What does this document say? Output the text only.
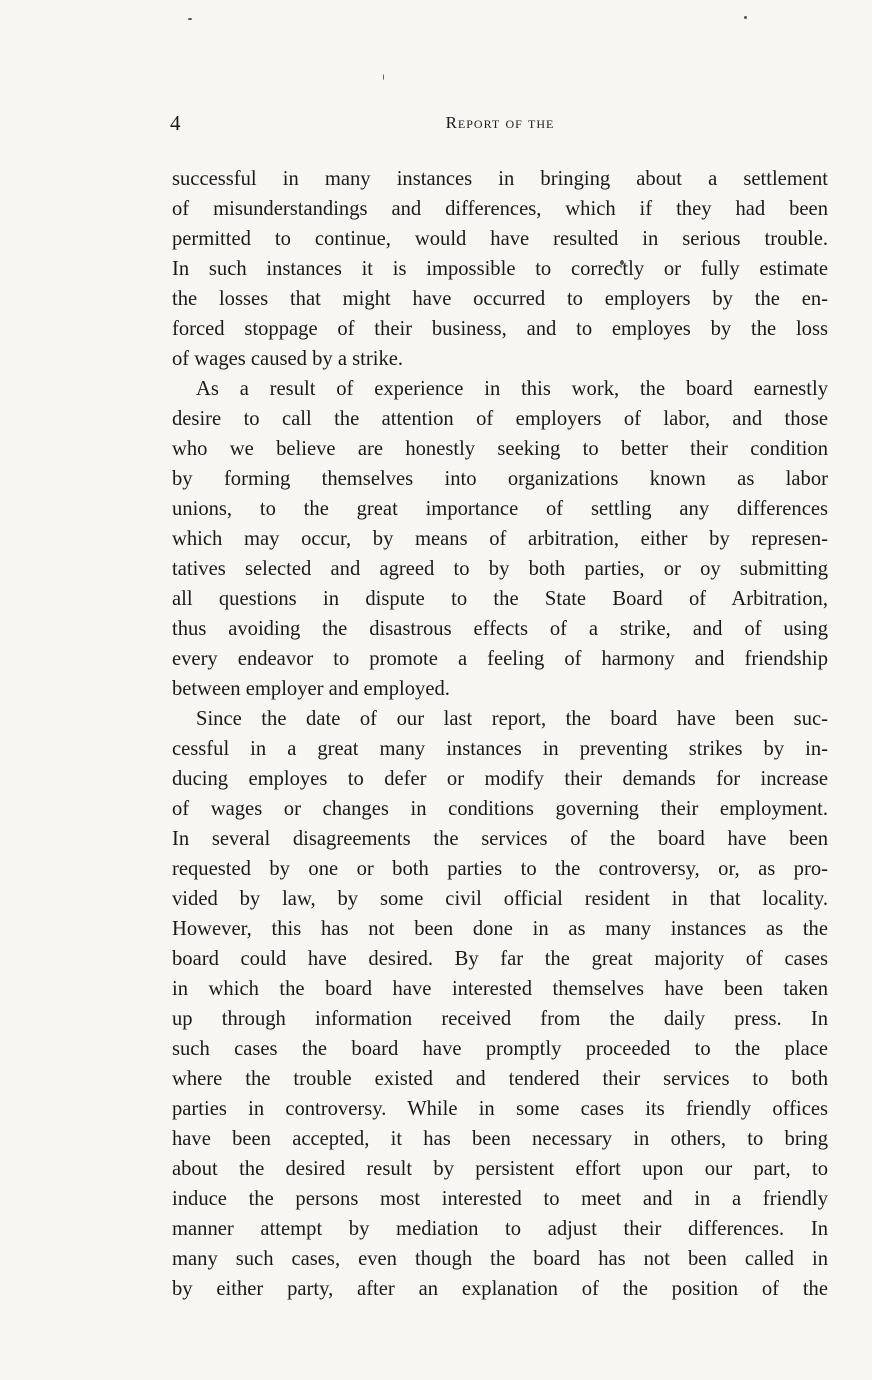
4	Report of the
successful in many instances in bringing about a settlement
of misunderstandings and differences, which if they had been
permitted to continue, would have resulted in serious trouble.
In such instances it is impossible to correctly or fully estimate
the losses that might have occurred to employers by the en-
forced stoppage of their business, and to employes by the loss
of wages caused by a strike.
As a result of experience in this work, the board earnestly
desire to call the attention of employers of labor, and those
who we believe are honestly seeking to better their condition
by forming themselves into organizations known as labor
unions, to the great importance of settling any differences
which may occur, by means of arbitration, either by represen-
tatives selected and agreed to by both parties, or oy submitting
all questions in dispute to the State Board of Arbitration,
thus avoiding the disastrous effects of a strike, and of using
every endeavor to promote a feeling of harmony and friendship
between employer and employed.
Since the date of our last report, the board have been suc-
cessful in a great many instances in preventing strikes by in-
ducing employes to defer or modify their demands for increase
of wages or changes in conditions governing their employment.
In several disagreements the services of the board have been
requested by one or both parties to the controversy, or, as pro-
vided by law, by some civil official resident in that locality.
However, this has not been done in as many instances as the
board could have desired. By far the great majority of cases
in which the board have interested themselves have been taken
up through information received from the daily press. In
such cases the board have promptly proceeded to the place
where the trouble existed and tendered their services to both
parties in controversy. While in some cases its friendly offices
have been accepted, it has been necessary in others, to bring
about the desired result by persistent effort upon our part, to
induce the persons most interested to meet and in a friendly
manner attempt by mediation to adjust their differences. In
many such cases, even though the board has not been called in
by either party, after an explanation of the position of the
